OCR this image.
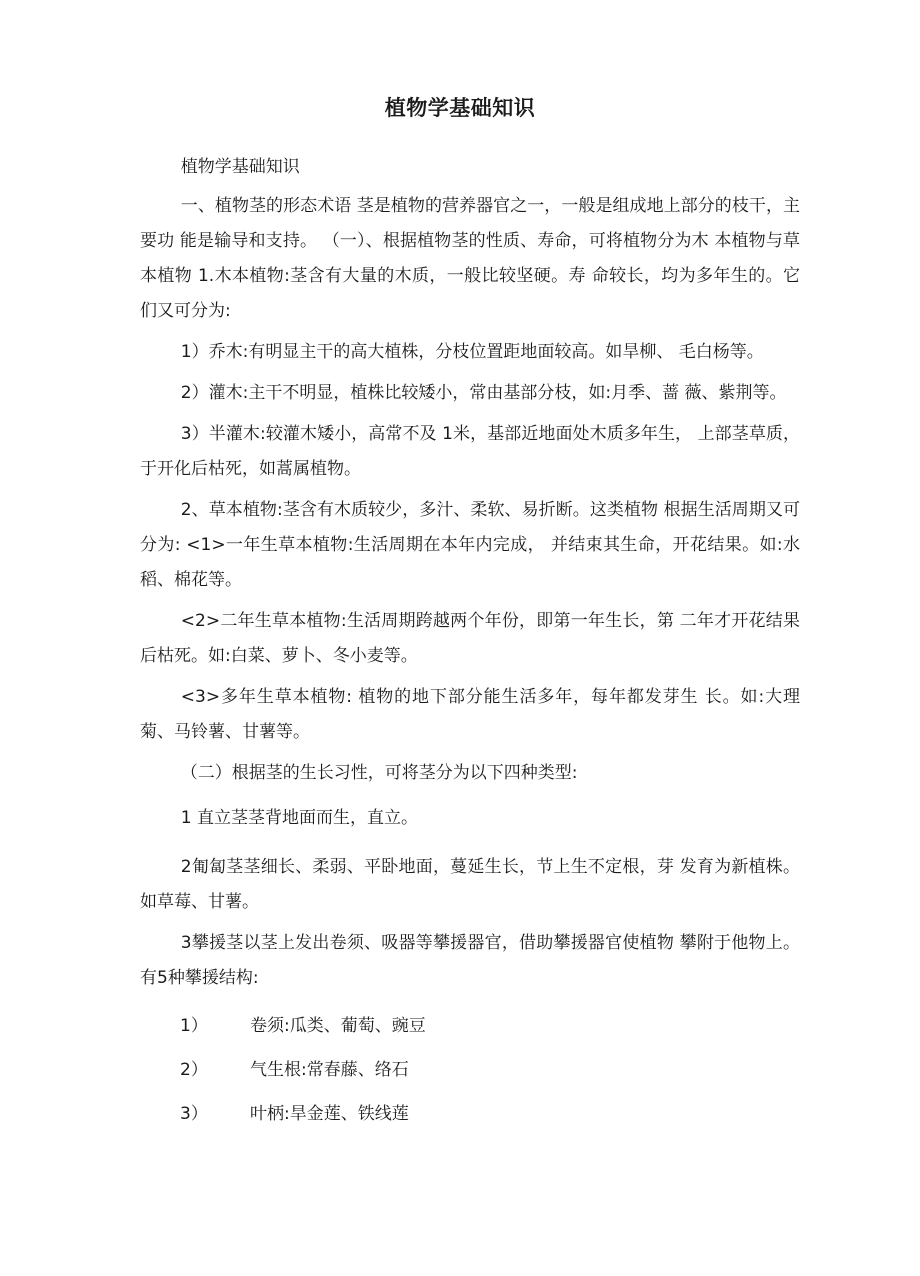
植物学基础知识

植物学基础知识

一、植物茎的形态术语 茎是植物的营养器官之一，一般是组成地上部分的枝干，主要功 能是输导和支持。 （一）、根据植物茎的性质、寿命，可将植物分为木 本植物与草本植物 1.木本植物:茎含有大量的木质，一般比较坚硬。寿 命较长，均为多年生的。它们又可分为:

1）乔木:有明显主干的高大植株，分枝位置距地面较高。如旱柳、 毛白杨等。

2）灌木:主干不明显，植株比较矮小，常由基部分枝，如:月季、蔷 薇、紫荆等。

3）半灌木:较灌木矮小，高常不及 1米，基部近地面处木质多年生， 上部茎草质，于开化后枯死，如蒿属植物。

2、草本植物:茎含有木质较少，多汁、柔软、易折断。这类植物 根据生活周期又可分为: <1>一年生草本植物:生活周期在本年内完成， 并结束其生命，开花结果。如:水稻、棉花等。

<2>二年生草本植物:生活周期跨越两个年份，即第一年生长，第 二年才开花结果后枯死。如:白菜、萝卜、冬小麦等。

<3>多年生草本植物: 植物的地下部分能生活多年，每年都发芽生 长。如:大理菊、马铃薯、甘薯等。

（二）根据茎的生长习性，可将茎分为以下四种类型:

1 直立茎茎背地面而生，直立。

2匍匐茎茎细长、柔弱、平卧地面，蔓延生长，节上生不定根，芽 发育为新植株。如草莓、甘薯。

3攀援茎以茎上发出卷须、吸器等攀援器官，借助攀援器官使植物 攀附于他物上。有5种攀援结构:

1）	卷须:瓜类、葡萄、豌豆
2）	气生根:常春藤、络石
3）	叶柄:旱金莲、铁线莲
